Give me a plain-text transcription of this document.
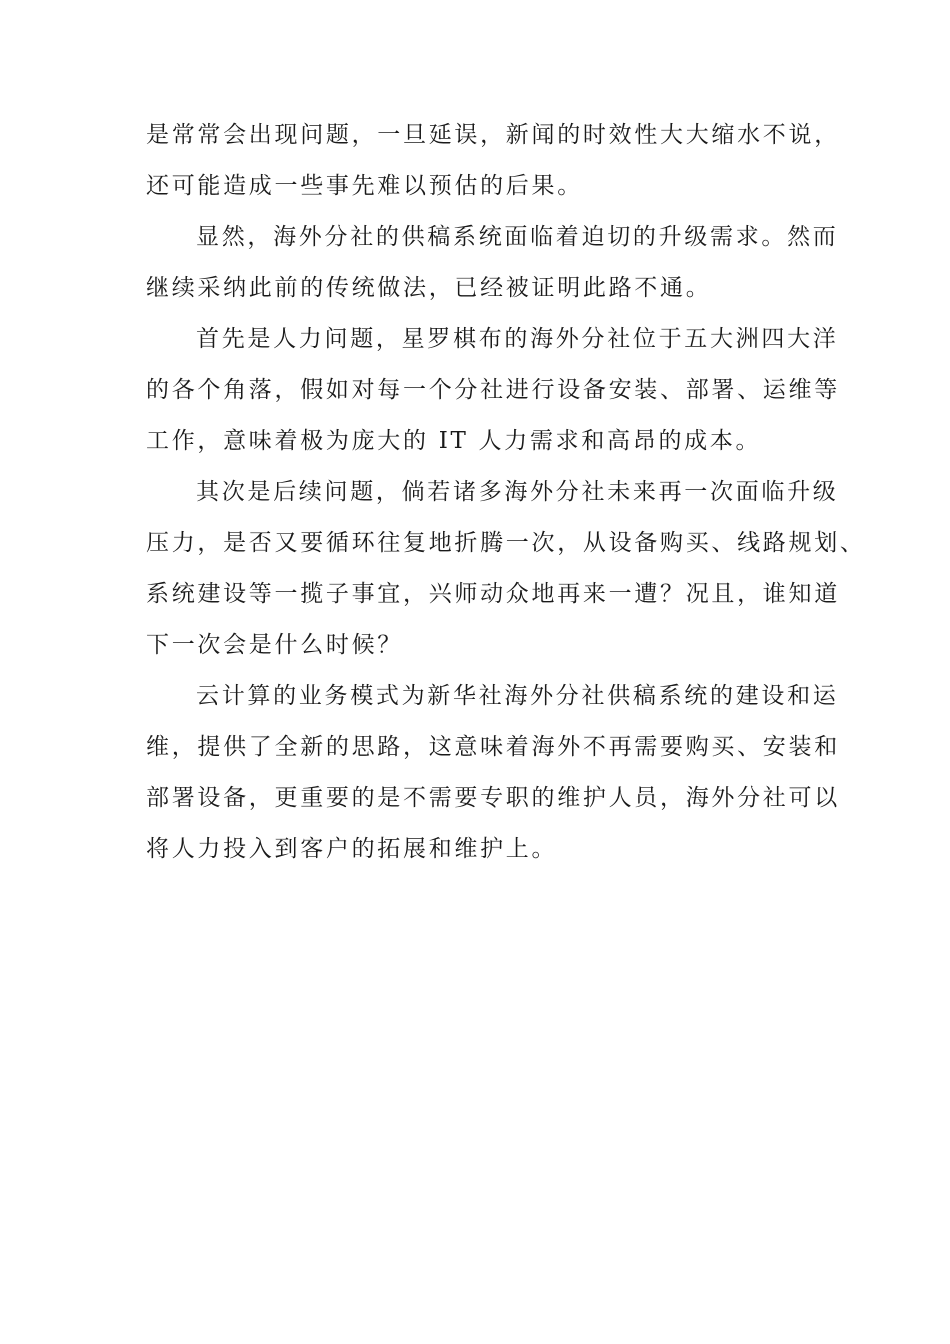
是常常会出现问题，一旦延误，新闻的时效性大大缩水不说，
还可能造成一些事先难以预估的后果。
显然，海外分社的供稿系统面临着迫切的升级需求。然而
继续采纳此前的传统做法，已经被证明此路不通。
首先是人力问题，星罗棋布的海外分社位于五大洲四大洋
的各个角落，假如对每一个分社进行设备安装、部署、运维等
工作，意味着极为庞大的 IT 人力需求和高昂的成本。
其次是后续问题，倘若诸多海外分社未来再一次面临升级
压力，是否又要循环往复地折腾一次，从设备购买、线路规划、
系统建设等一揽子事宜，兴师动众地再来一遭？况且，谁知道
下一次会是什么时候？
云计算的业务模式为新华社海外分社供稿系统的建设和运
维，提供了全新的思路，这意味着海外不再需要购买、安装和
部署设备，更重要的是不需要专职的维护人员，海外分社可以
将人力投入到客户的拓展和维护上。
